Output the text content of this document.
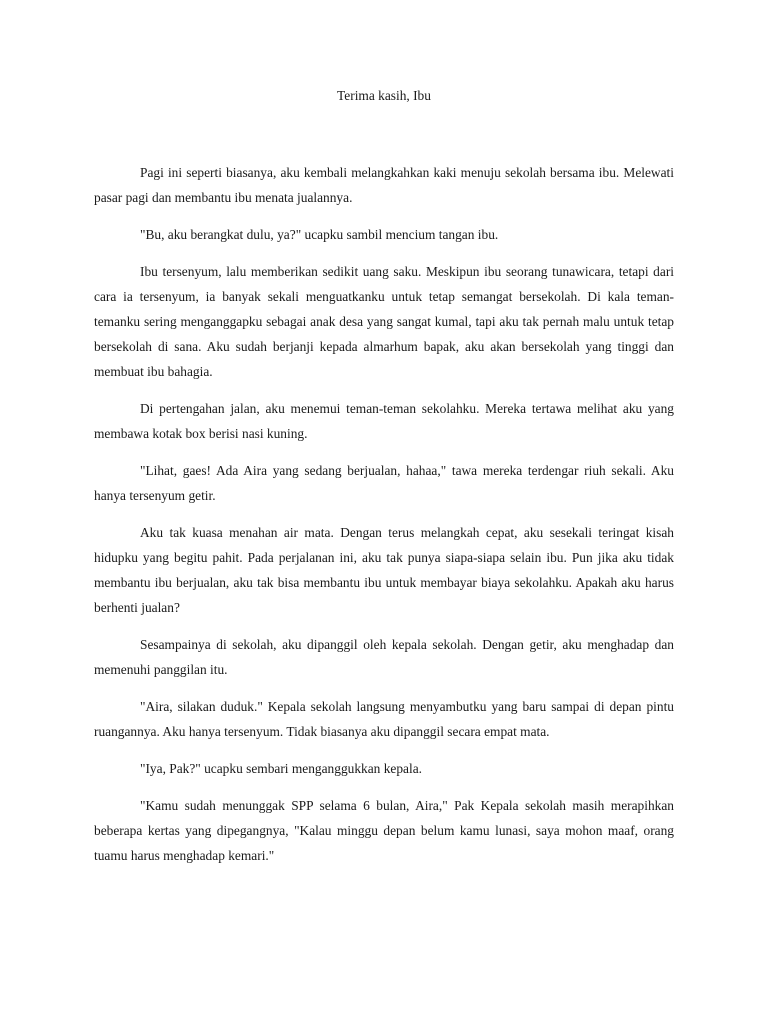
Terima kasih, Ibu

Pagi ini seperti biasanya, aku kembali melangkahkan kaki menuju sekolah bersama ibu. Melewati pasar pagi dan membantu ibu menata jualannya.

"Bu, aku berangkat dulu, ya?" ucapku sambil mencium tangan ibu.

Ibu tersenyum, lalu memberikan sedikit uang saku. Meskipun ibu seorang tunawicara, tetapi dari cara ia tersenyum, ia banyak sekali menguatkanku untuk tetap semangat bersekolah. Di kala teman-temanku sering menganggapku sebagai anak desa yang sangat kumal, tapi aku tak pernah malu untuk tetap bersekolah di sana. Aku sudah berjanji kepada almarhum bapak, aku akan bersekolah yang tinggi dan membuat ibu bahagia.

Di pertengahan jalan, aku menemui teman-teman sekolahku. Mereka tertawa melihat aku yang membawa kotak box berisi nasi kuning.

"Lihat, gaes! Ada Aira yang sedang berjualan, hahaa," tawa mereka terdengar riuh sekali. Aku hanya tersenyum getir.

Aku tak kuasa menahan air mata. Dengan terus melangkah cepat, aku sesekali teringat kisah hidupku yang begitu pahit. Pada perjalanan ini, aku tak punya siapa-siapa selain ibu. Pun jika aku tidak membantu ibu berjualan, aku tak bisa membantu ibu untuk membayar biaya sekolahku. Apakah aku harus berhenti jualan?

Sesampainya di sekolah, aku dipanggil oleh kepala sekolah. Dengan getir, aku menghadap dan memenuhi panggilan itu.

"Aira, silakan duduk." Kepala sekolah langsung menyambutku yang baru sampai di depan pintu ruangannya. Aku hanya tersenyum. Tidak biasanya aku dipanggil secara empat mata.

"Iya, Pak?" ucapku sembari menganggukkan kepala.

"Kamu sudah menunggak SPP selama 6 bulan, Aira," Pak Kepala sekolah masih merapihkan beberapa kertas yang dipegangnya, "Kalau minggu depan belum kamu lunasi, saya mohon maaf, orang tuamu harus menghadap kemari."
